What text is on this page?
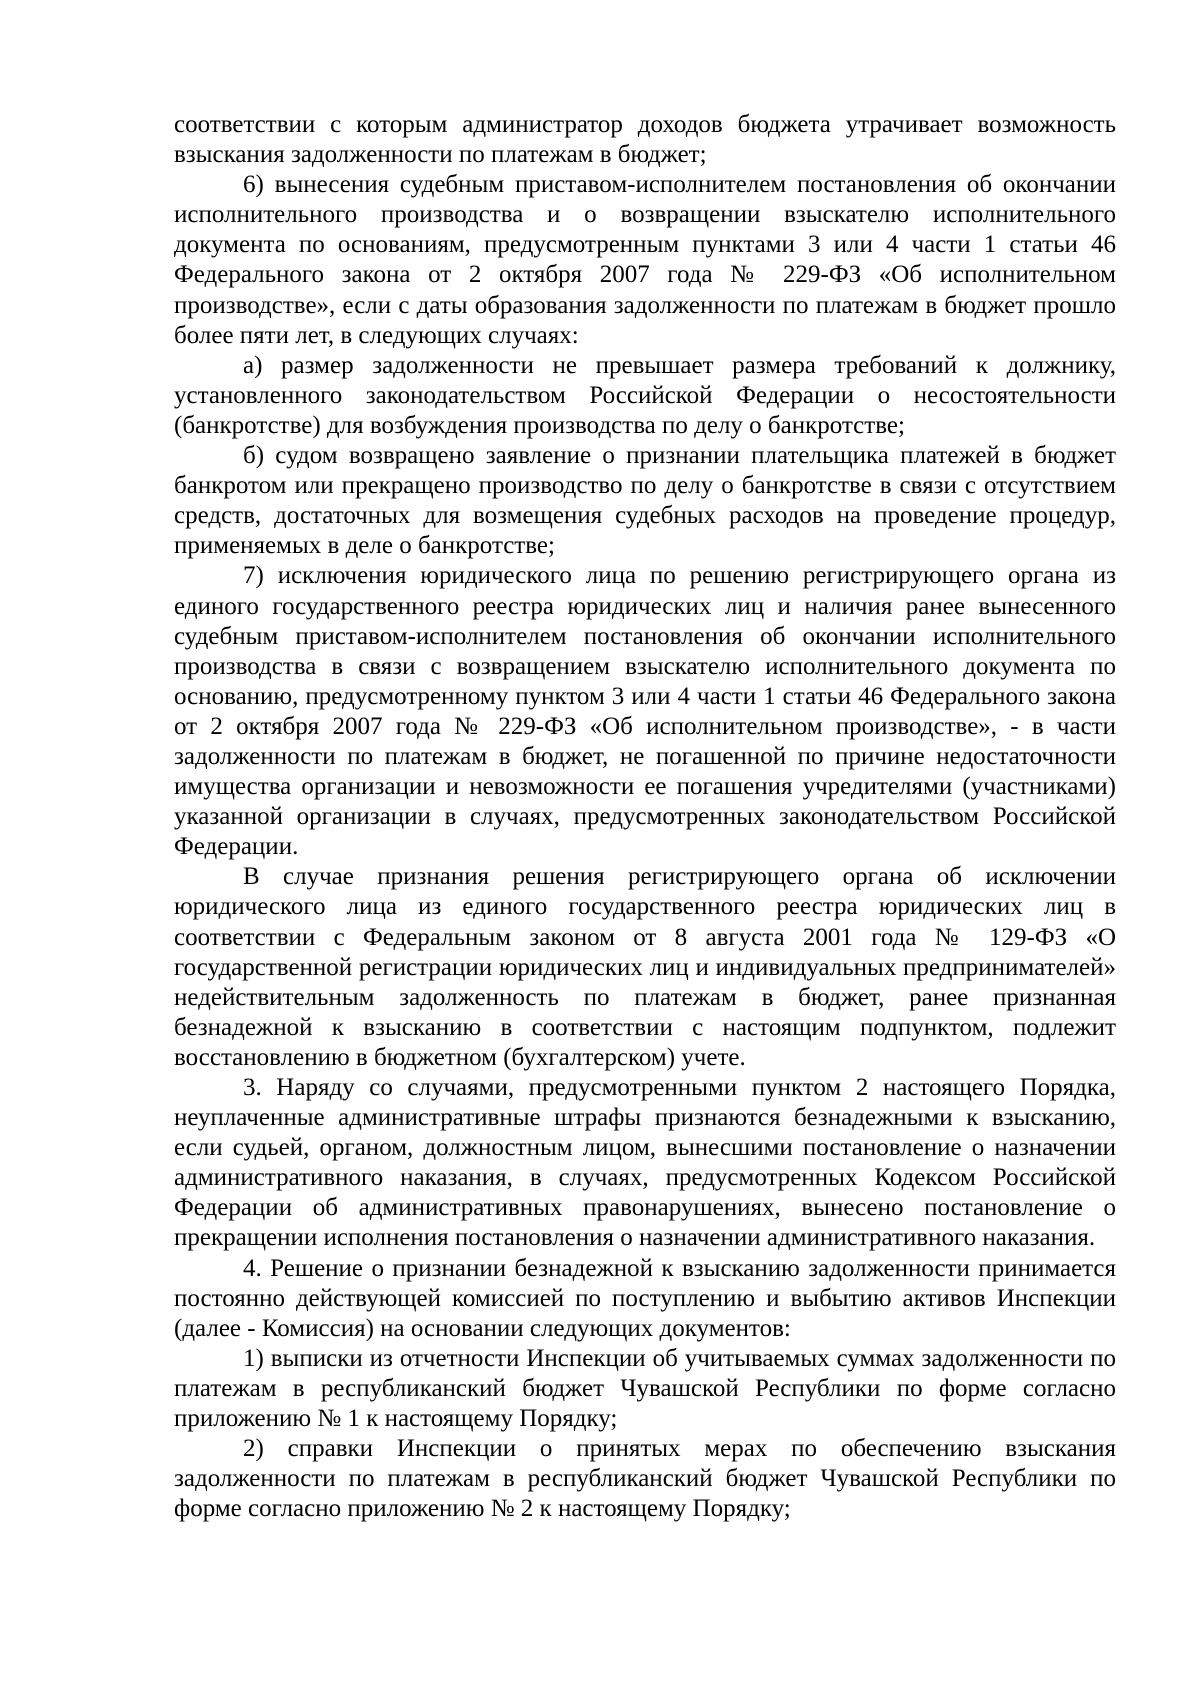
соответствии с которым администратор доходов бюджета утрачивает возможность взыскания задолженности по платежам в бюджет;

6) вынесения судебным приставом-исполнителем постановления об окончании исполнительного производства и о возвращении взыскателю исполнительного документа по основаниям, предусмотренным пунктами 3 или 4 части 1 статьи 46 Федерального закона от 2 октября 2007 года № 229-ФЗ «Об исполнительном производстве», если с даты образования задолженности по платежам в бюджет прошло более пяти лет, в следующих случаях:

а) размер задолженности не превышает размера требований к должнику, установленного законодательством Российской Федерации о несостоятельности (банкротстве) для возбуждения производства по делу о банкротстве;

б) судом возвращено заявление о признании плательщика платежей в бюджет банкротом или прекращено производство по делу о банкротстве в связи с отсутствием средств, достаточных для возмещения судебных расходов на проведение процедур, применяемых в деле о банкротстве;

7) исключения юридического лица по решению регистрирующего органа из единого государственного реестра юридических лиц и наличия ранее вынесенного судебным приставом-исполнителем постановления об окончании исполнительного производства в связи с возвращением взыскателю исполнительного документа по основанию, предусмотренному пунктом 3 или 4 части 1 статьи 46 Федерального закона от 2 октября 2007 года № 229-ФЗ «Об исполнительном производстве», - в части задолженности по платежам в бюджет, не погашенной по причине недостаточности имущества организации и невозможности ее погашения учредителями (участниками) указанной организации в случаях, предусмотренных законодательством Российской Федерации.

В случае признания решения регистрирующего органа об исключении юридического лица из единого государственного реестра юридических лиц в соответствии с Федеральным законом от 8 августа 2001 года № 129-ФЗ «О государственной регистрации юридических лиц и индивидуальных предпринимателей» недействительным задолженность по платежам в бюджет, ранее признанная безнадежной к взысканию в соответствии с настоящим подпунктом, подлежит восстановлению в бюджетном (бухгалтерском) учете.

3. Наряду со случаями, предусмотренными пунктом 2 настоящего Порядка, неуплаченные административные штрафы признаются безнадежными к взысканию, если судьей, органом, должностным лицом, вынесшими постановление о назначении административного наказания, в случаях, предусмотренных Кодексом Российской Федерации об административных правонарушениях, вынесено постановление о прекращении исполнения постановления о назначении административного наказания.

4. Решение о признании безнадежной к взысканию задолженности принимается постоянно действующей комиссией по поступлению и выбытию активов Инспекции (далее - Комиссия) на основании следующих документов:

1) выписки из отчетности Инспекции об учитываемых суммах задолженности по платежам в республиканский бюджет Чувашской Республики по форме согласно приложению № 1 к настоящему Порядку;

2) справки Инспекции о принятых мерах по обеспечению взыскания задолженности по платежам в республиканский бюджет Чувашской Республики по форме согласно приложению № 2 к настоящему Порядку;
